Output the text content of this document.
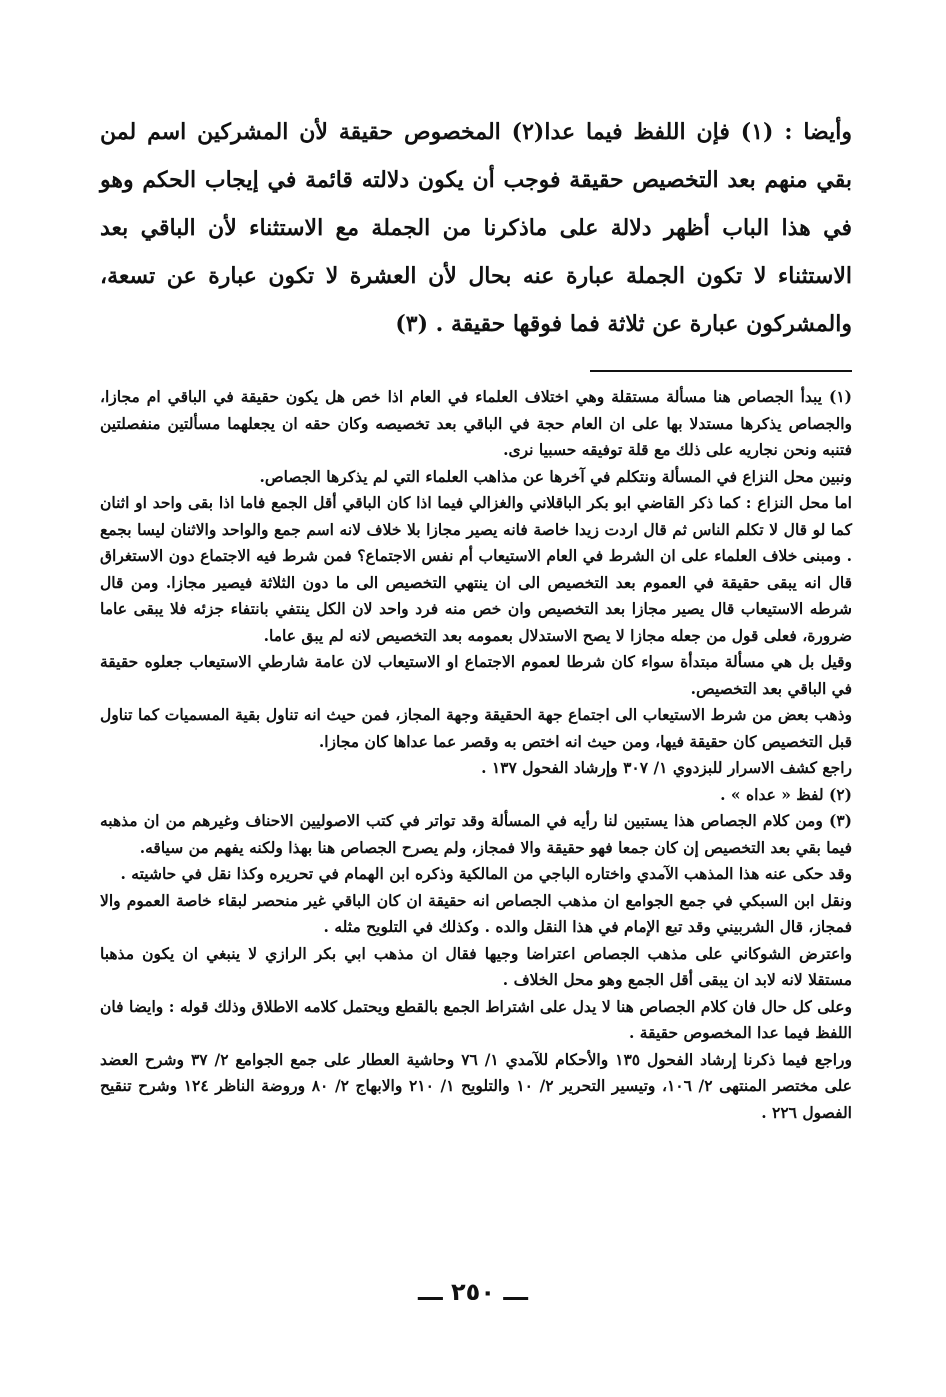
وأيضا : (١) فإن اللفظ فيما عدا(٢) المخصوص حقيقة لأن المشركين اسم لمن بقي منهم بعد التخصيص حقيقة فوجب أن يكون دلالته قائمة في إيجاب الحكم وهو في هذا الباب أظهر دلالة على ماذكرنا من الجملة مع الاستثناء لأن الباقي بعد الاستثناء لا تكون الجملة عبارة عنه بحال لأن العشرة لا تكون عبارة عن تسعة، والمشركون عبارة عن ثلاثة فما فوقها حقيقة . (٣)

(١) يبدأ الجصاص هنا مسألة مستقلة وهي اختلاف العلماء في العام اذا خص هل يكون حقيقة في الباقي ام مجازا، والجصاص يذكرها مستدلا بها على ان العام حجة في الباقي بعد تخصيصه وكان حقه ان يجعلهما مسألتين منفصلتين فتنبه ونحن نجاريه على ذلك مع قلة توفيقه حسبيا نرى.

ونبين محل النزاع في المسألة ونتكلم في آخرها عن مذاهب العلماء التي لم يذكرها الجصاص.

اما محل النزاع : كما ذكر القاضي ابو بكر الباقلاني والغزالي فيما اذا كان الباقي أقل الجمع فاما اذا بقى واحد او اثنان كما لو قال لا تكلم الناس ثم قال اردت زيدا خاصة فانه يصير مجازا بلا خلاف لانه اسم جمع والواحد والاثنان ليسا بجمع . ومبنى خلاف العلماء على ان الشرط في العام الاستيعاب أم نفس الاجتماع؟ فمن شرط فيه الاجتماع دون الاستغراق قال انه يبقى حقيقة في العموم بعد التخصيص الى ان ينتهي التخصيص الى ما دون الثلاثة فيصير مجازا. ومن قال شرطه الاستيعاب قال يصير مجازا بعد التخصيص وان خص منه فرد واحد لان الكل ينتفي بانتفاء جزئه فلا يبقى عاما ضرورة، فعلى قول من جعله مجازا لا يصح الاستدلال بعمومه بعد التخصيص لانه لم يبق عاما.

وقيل بل هي مسألة مبتدأة سواء كان شرطا لعموم الاجتماع او الاستيعاب لان عامة شارطي الاستيعاب جعلوه حقيقة في الباقي بعد التخصيص.

وذهب بعض من شرط الاستيعاب الى اجتماع جهة الحقيقة وجهة المجاز، فمن حيث انه تناول بقية المسميات كما تناول قبل التخصيص كان حقيقة فيها، ومن حيث انه اختص به وقصر عما عداها كان مجازا.

راجع كشف الاسرار للبزدوي ١/ ٣٠٧ وإرشاد الفحول ١٣٧ .

(٢) لفظ « عداه » .

(٣) ومن كلام الجصاص هذا يستبين لنا رأيه في المسألة وقد تواتر في كتب الاصوليين الاحناف وغيرهم من ان مذهبه فيما بقي بعد التخصيص إن كان جمعا فهو حقيقة والا فمجاز، ولم يصرح الجصاص هنا بهذا ولكنه يفهم من سياقه.

وقد حكى عنه هذا المذهب الآمدي واختاره الباجي من المالكية وذكره ابن الهمام في تحريره وكذا نقل في حاشيته .

ونقل ابن السبكي في جمع الجوامع ان مذهب الجصاص انه حقيقة ان كان الباقي غير منحصر لبقاء خاصة العموم والا فمجاز، قال الشربيني وقد تبع الإمام في هذا النقل والده . وكذلك في التلويح مثله .

واعترض الشوكاني على مذهب الجصاص اعتراضا وجيها فقال ان مذهب ابي بكر الرازي لا ينبغي ان يكون مذهبا مستقلا لانه لابد ان يبقى أقل الجمع وهو محل الخلاف .

وعلى كل حال فان كلام الجصاص هنا لا يدل على اشتراط الجمع بالقطع ويحتمل كلامه الاطلاق وذلك قوله : وايضا فان اللفظ فيما عدا المخصوص حقيقة .

وراجع فيما ذكرنا إرشاد الفحول ١٣٥ والأحكام للآمدي ١/ ٧٦ وحاشية العطار على جمع الجوامع ٢/ ٣٧ وشرح العضد على مختصر المنتهى ٢/ ١٠٦، وتيسير التحرير ٢/ ١٠ والتلويح ١/ ٢١٠ والابهاج ٢/ ٨٠ وروضة الناظر ١٢٤ وشرح تنقيح الفصول ٢٢٦ .

ـــ ٢٥٠ ـــ
